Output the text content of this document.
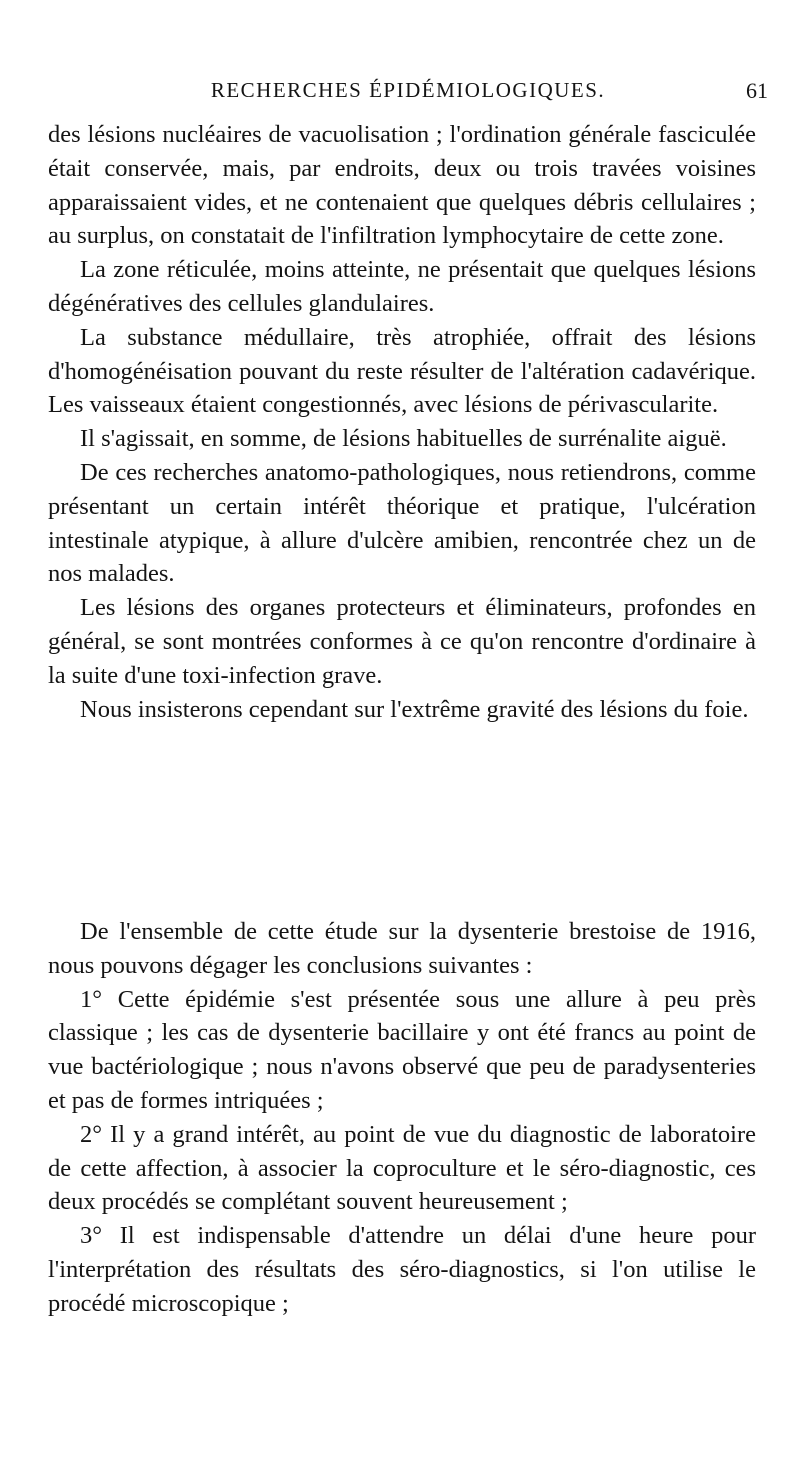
RECHERCHES ÉPIDÉMIOLOGIQUES.	61

des lésions nucléaires de vacuolisation ; l'ordination générale fasciculée était conservée, mais, par endroits, deux ou trois travées voisines apparaissaient vides, et ne contenaient que quelques débris cellulaires ; au surplus, on constatait de l'infiltration lymphocytaire de cette zone.

La zone réticulée, moins atteinte, ne présentait que quelques lésions dégénératives des cellules glandulaires.

La substance médullaire, très atrophiée, offrait des lésions d'homogénéisation pouvant du reste résulter de l'altération cadavérique. Les vaisseaux étaient congestionnés, avec lésions de périvascularite.

Il s'agissait, en somme, de lésions habituelles de surrénalite aiguë.

De ces recherches anatomo-pathologiques, nous retiendrons, comme présentant un certain intérêt théorique et pratique, l'ulcération intestinale atypique, à allure d'ulcère amibien, rencontrée chez un de nos malades.

Les lésions des organes protecteurs et éliminateurs, profondes en général, se sont montrées conformes à ce qu'on rencontre d'ordinaire à la suite d'une toxi-infection grave.

Nous insisterons cependant sur l'extrême gravité des lésions du foie.

De l'ensemble de cette étude sur la dysenterie brestoise de 1916, nous pouvons dégager les conclusions suivantes :

1° Cette épidémie s'est présentée sous une allure à peu près classique ; les cas de dysenterie bacillaire y ont été francs au point de vue bactériologique ; nous n'avons observé que peu de paradysenteries et pas de formes intriquées ;

2° Il y a grand intérêt, au point de vue du diagnostic de laboratoire de cette affection, à associer la coproculture et le séro-diagnostic, ces deux procédés se complétant souvent heureusement ;

3° Il est indispensable d'attendre un délai d'une heure pour l'interprétation des résultats des séro-diagnostics, si l'on utilise le procédé microscopique ;
